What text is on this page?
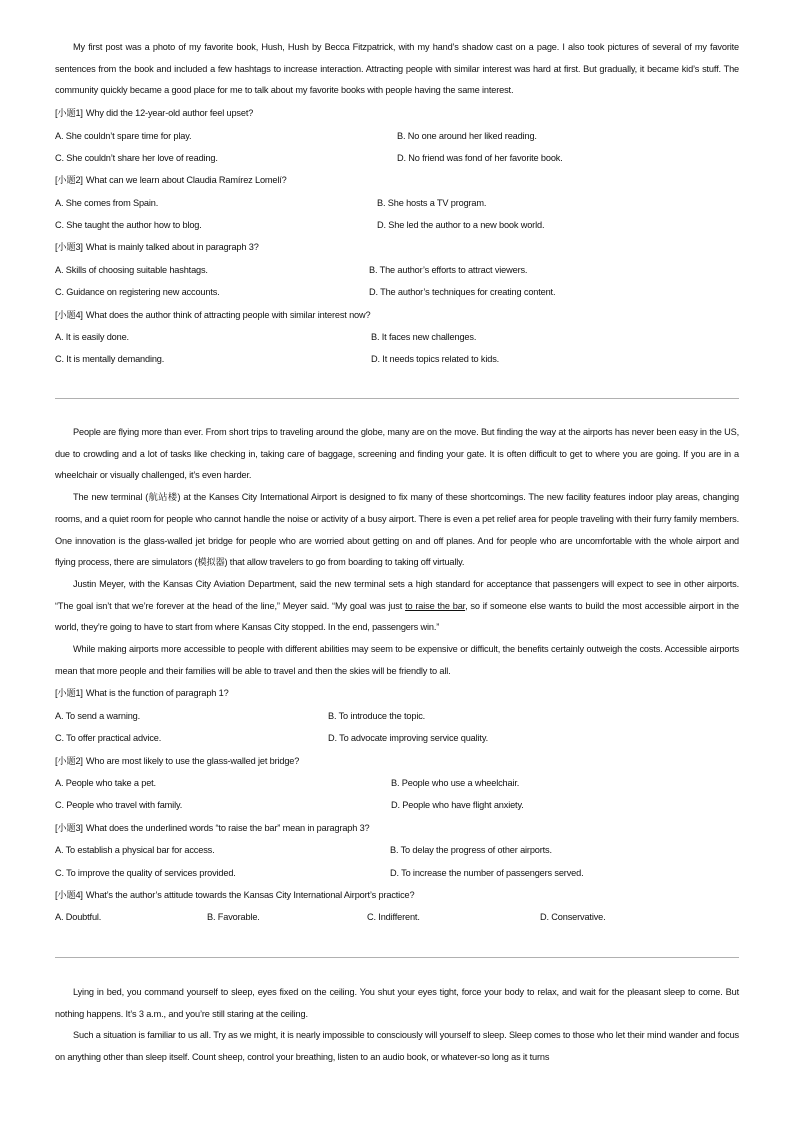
My first post was a photo of my favorite book, Hush, Hush by Becca Fitzpatrick, with my hand’s shadow cast on a page. I also took pictures of several of my favorite sentences from the book and included a few hashtags to increase interaction. Attracting people with similar interest was hard at first. But gradually, it became kid’s stuff. The community quickly became a good place for me to talk about my favorite books with people having the same interest.

[小题1] Why did the 12-year-old author feel upset?

A. She couldn’t spare time for play.	B. No one around her liked reading.
C. She couldn’t share her love of reading.	D. No friend was fond of her favorite book.

[小题2] What can we learn about Claudia Ramírez Lomelí?

A. She comes from Spain.	B. She hosts a TV program.
C. She taught the author how to blog.	D. She led the author to a new book world.

[小题3] What is mainly talked about in paragraph 3?

A. Skills of choosing suitable hashtags.	B. The author’s efforts to attract viewers.
C. Guidance on registering new accounts.	D. The author’s techniques for creating content.

[小题4] What does the author think of attracting people with similar interest now?

A. It is easily done.	B. It faces new challenges.
C. It is mentally demanding.	D. It needs topics related to kids.

People are flying more than ever. From short trips to traveling around the globe, many are on the move. But finding the way at the airports has never been easy in the US, due to crowding and a lot of tasks like checking in, taking care of baggage, screening and finding your gate. It is often difficult to get to where you are going. If you are in a wheelchair or visually challenged, it’s even harder.

The new terminal (航站楼) at the Kanses City International Airport is designed to fix many of these shortcomings. The new facility features indoor play areas, changing rooms, and a quiet room for people who cannot handle the noise or activity of a busy airport. There is even a pet relief area for people traveling with their furry family members. One innovation is the glass-walled jet bridge for people who are worried about getting on and off planes. And for people who are uncomfortable with the whole airport and flying process, there are simulators (模拟器) that allow travelers to go from boarding to taking off virtually.

Justin Meyer, with the Kansas City Aviation Department, said the new terminal sets a high standard for acceptance that passengers will expect to see in other airports. “The goal isn’t that we’re forever at the head of the line,” Meyer said. “My goal was just to raise the bar, so if someone else wants to build the most accessible airport in the world, they’re going to have to start from where Kansas City stopped. In the end, passengers win.”

While making airports more accessible to people with different abilities may seem to be expensive or difficult, the benefits certainly outweigh the costs. Accessible airports mean that more people and their families will be able to travel and then the skies will be friendly to all.

[小题1] What is the function of paragraph 1?

A. To send a warning.	B. To introduce the topic.
C. To offer practical advice.	D. To advocate improving service quality.

[小题2] Who are most likely to use the glass-walled jet bridge?

A. People who take a pet.	B. People who use a wheelchair.
C. People who travel with family.	D. People who have flight anxiety.

[小题3] What does the underlined words “to raise the bar” mean in paragraph 3?

A. To establish a physical bar for access.	B. To delay the progress of other airports.
C. To improve the quality of services provided.	D. To increase the number of passengers served.

[小题4] What’s the author’s attitude towards the Kansas City International Airport’s practice?

A. Doubtful.	B. Favorable.	C. Indifferent.	D. Conservative.

Lying in bed, you command yourself to sleep, eyes fixed on the ceiling. You shut your eyes tight, force your body to relax, and wait for the pleasant sleep to come. But nothing happens. It’s 3 a.m., and you’re still staring at the ceiling.

Such a situation is familiar to us all. Try as we might, it is nearly impossible to consciously will yourself to sleep. Sleep comes to those who let their mind wander and focus on anything other than sleep itself. Count sheep, control your breathing, listen to an audio book, or whatever-so long as it turns
